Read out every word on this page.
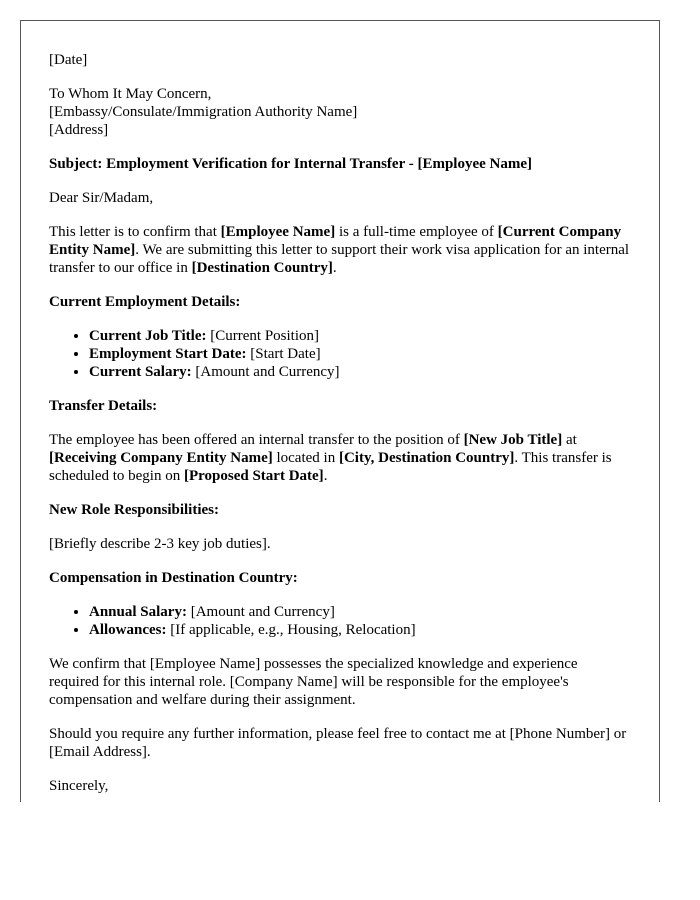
[Date]

To Whom It May Concern,

[Embassy/Consulate/Immigration Authority Name]

[Address]

Subject: Employment Verification for Internal Transfer - [Employee Name]

Dear Sir/Madam,

This letter is to confirm that [Employee Name] is a full-time employee of [Current Company Entity Name]. We are submitting this letter to support their work visa application for an internal transfer to our office in [Destination Country].

Current Employment Details:

• Current Job Title: [Current Position]
• Employment Start Date: [Start Date]
• Current Salary: [Amount and Currency]

Transfer Details:

The employee has been offered an internal transfer to the position of [New Job Title] at [Receiving Company Entity Name] located in [City, Destination Country]. This transfer is scheduled to begin on [Proposed Start Date].

New Role Responsibilities:

[Briefly describe 2-3 key job duties].

Compensation in Destination Country:

• Annual Salary: [Amount and Currency]
• Allowances: [If applicable, e.g., Housing, Relocation]

We confirm that [Employee Name] possesses the specialized knowledge and experience required for this internal role. [Company Name] will be responsible for the employee's compensation and welfare during their assignment.

Should you require any further information, please feel free to contact me at [Phone Number] or [Email Address].

Sincerely,
